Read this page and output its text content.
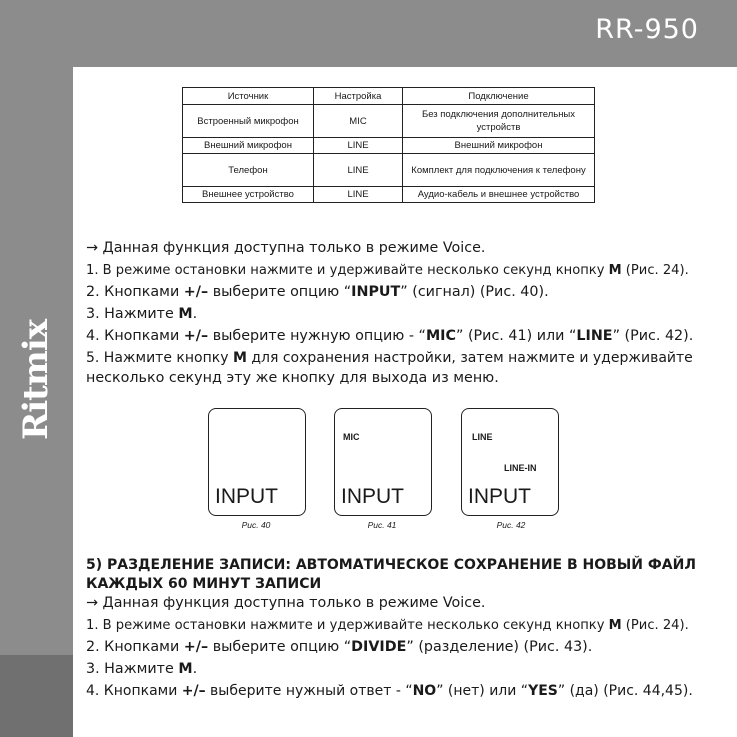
RR-950
Ritmix
Источник	Настройка	Подключение
Встроенный микрофон	MIC	Без подключения дополнительных устройств
Внешний микрофон	LINE	Внешний микрофон
Телефон	LINE	Комплект для подключения к телефону
Внешнее устройство	LINE	Аудио-кабель и внешнее устройство
→ Данная функция доступна только в режиме Voice.
1. В режиме остановки нажмите и удерживайте несколько секунд кнопку M (Рис. 24).
2. Кнопками +/– выберите опцию “INPUT” (сигнал) (Рис. 40).
3. Нажмите M.
4. Кнопками +/– выберите нужную опцию - “MIC” (Рис. 41) или “LINE” (Рис. 42).
5. Нажмите кнопку M для сохранения настройки, затем нажмите и удерживайте
несколько секунд эту же кнопку для выхода из меню.
INPUT
Рис. 40
MIC
INPUT
Рис. 41
LINE
LINE-IN
INPUT
Рис. 42
5) РАЗДЕЛЕНИЕ ЗАПИСИ: АВТОМАТИЧЕСКОЕ СОХРАНЕНИЕ В НОВЫЙ ФАЙЛ
КАЖДЫХ 60 МИНУТ ЗАПИСИ
→ Данная функция доступна только в режиме Voice.
1. В режиме остановки нажмите и удерживайте несколько секунд кнопку M (Рис. 24).
2. Кнопками +/– выберите опцию “DIVIDE” (разделение) (Рис. 43).
3. Нажмите M.
4. Кнопками +/– выберите нужный ответ - “NO” (нет) или “YES” (да) (Рис. 44,45).
